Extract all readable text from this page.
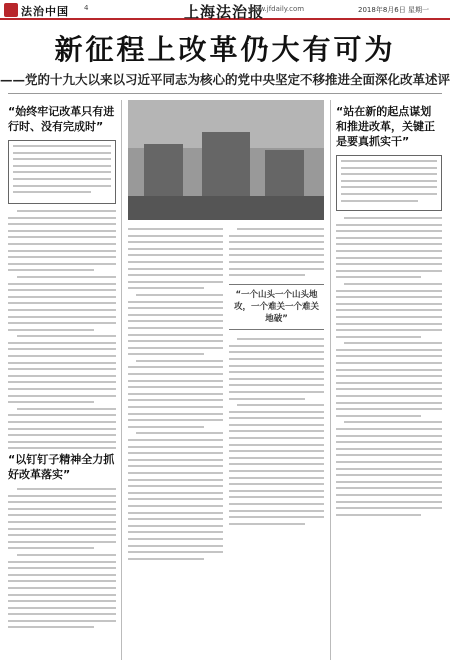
法治中国 4	上海法治报
www.jfdaily.com	2018年8月6日 星期一
新征程上改革仍大有可为
——党的十九大以来以习近平同志为核心的党中央坚定不移推进全面深化改革述评
“始终牢记改革只有进行时、没有完成时”
“一个山头一个山头地攻，一个难关一个难关地破”
“站在新的起点谋划和推进改革，关键正是要真抓实干”
“以钉钉子精神全力抓好改革落实”
